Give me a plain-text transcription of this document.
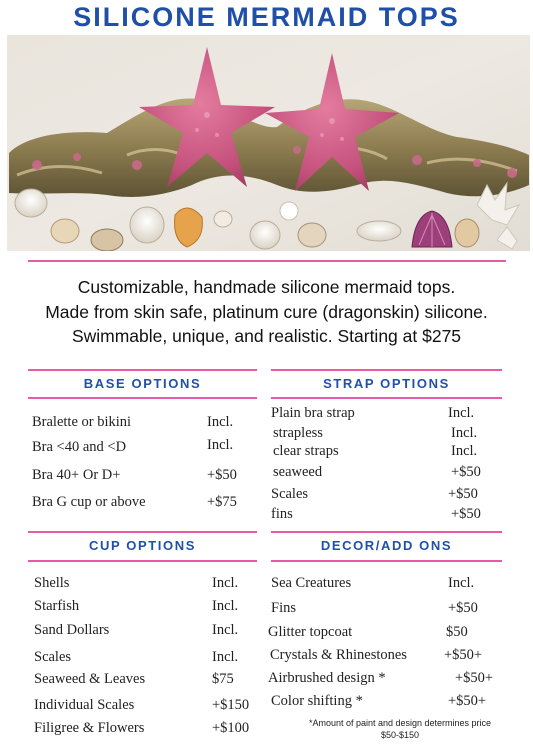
SILICONE MERMAID TOPS
Customizable, handmade silicone mermaid tops.
Made from skin safe, platinum cure (dragonskin) silicone.
Swimmable, unique, and realistic. Starting at $275
BASE OPTIONS
Bralette or bikini	Incl.
Bra <40 and <D	Incl.
Bra 40+ Or D+	+$50
Bra G cup or above	+$75
STRAP OPTIONS
Plain bra strap	Incl.
strapless	Incl.
clear straps	Incl.
seaweed	+$50
Scales	+$50
fins	+$50
CUP OPTIONS
Shells	Incl.
Starfish	Incl.
Sand Dollars	Incl.
Scales	Incl.
Seaweed & Leaves	$75
Individual Scales	+$150
Filigree & Flowers	+$100
DECOR/ADD ONS
Sea Creatures	Incl.
Fins	+$50
Glitter topcoat	$50
Crystals & Rhinestones	+$50+
Airbrushed design *	+$50+
Color shifting *	+$50+
*Amount of paint and design determines price
$50-$150
